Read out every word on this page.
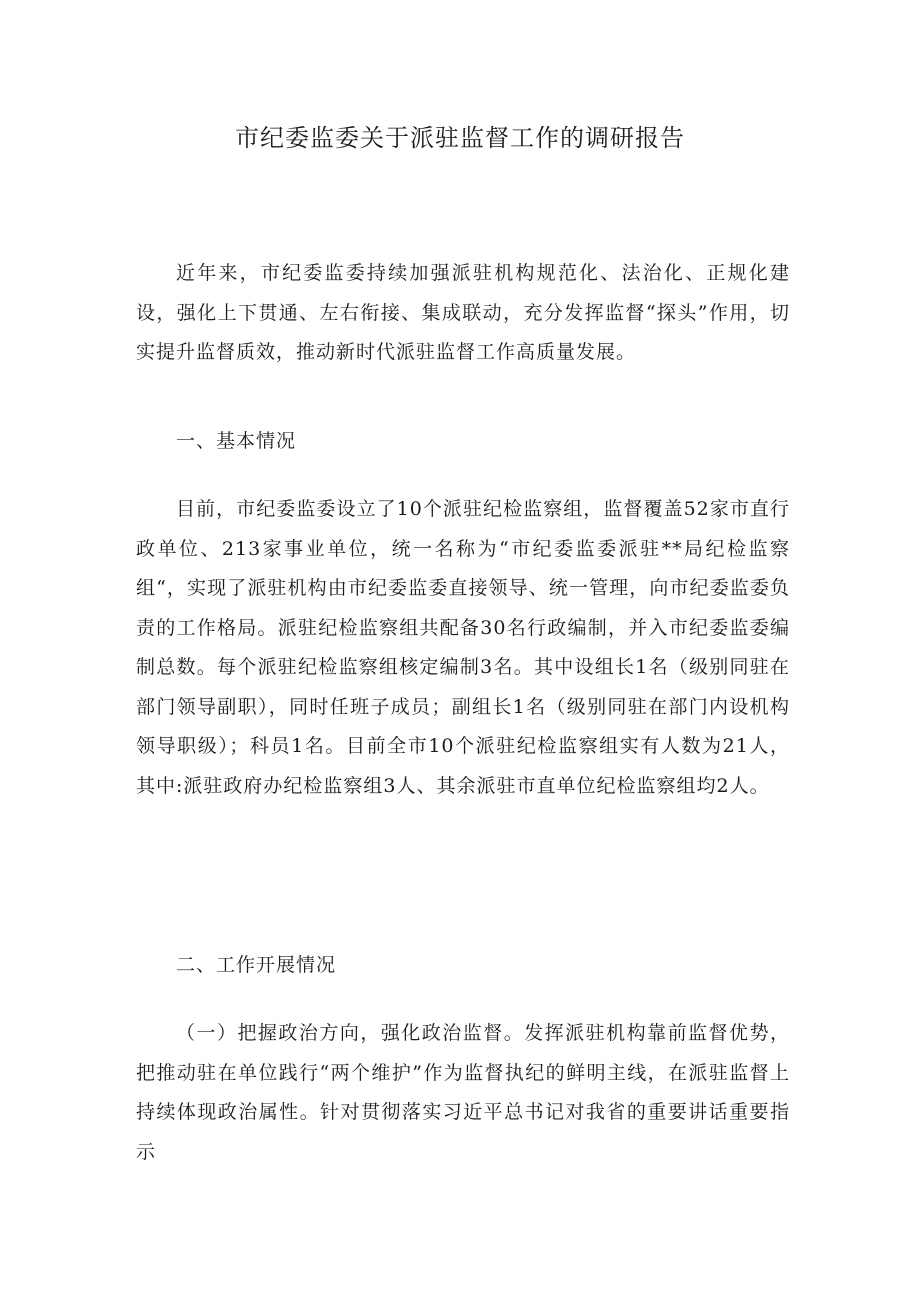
市纪委监委关于派驻监督工作的调研报告

近年来，市纪委监委持续加强派驻机构规范化、法治化、正规化建设，强化上下贯通、左右衔接、集成联动，充分发挥监督“探头”作用，切实提升监督质效，推动新时代派驻监督工作高质量发展。

一、基本情况

目前，市纪委监委设立了10个派驻纪检监察组，监督覆盖52家市直行政单位、213家事业单位，统一名称为“市纪委监委派驻**局纪检监察组“，实现了派驻机构由市纪委监委直接领导、统一管理，向市纪委监委负责的工作格局。派驻纪检监察组共配备30名行政编制，并入市纪委监委编制总数。每个派驻纪检监察组核定编制3名。其中设组长1名（级别同驻在部门领导副职），同时任班子成员；副组长1名（级别同驻在部门内设机构领导职级）；科员1名。目前全市10个派驻纪检监察组实有人数为21人，其中:派驻政府办纪检监察组3人、其余派驻市直单位纪检监察组均2人。

二、工作开展情况

（一）把握政治方向，强化政治监督。发挥派驻机构靠前监督优势，把推动驻在单位践行“两个维护”作为监督执纪的鲜明主线，在派驻监督上持续体现政治属性。针对贯彻落实习近平总书记对我省的重要讲话重要指示
